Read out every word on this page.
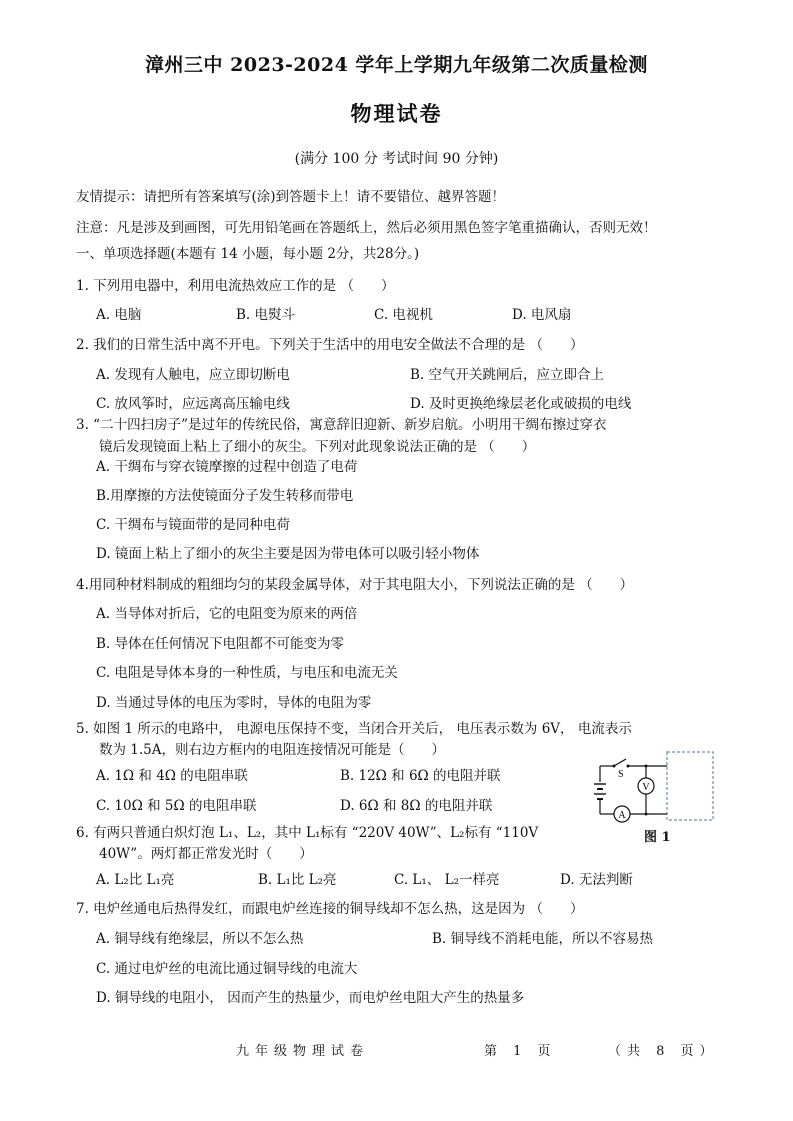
漳州三中 2023-2024 学年上学期九年级第二次质量检测
物理试卷
(满分 100 分 考试时间 90 分钟)
友情提示：请把所有答案填写(涂)到答题卡上！请不要错位、越界答题！
注意：凡是涉及到画图，可先用铅笔画在答题纸上，然后必须用黑色签字笔重描确认，否则无效！
一、单项选择题(本题有 14 小题，每小题 2分，共28分。)
1. 下列用电器中，利用电流热效应工作的是 （　　）
A. 电脑	B. 电熨斗	C. 电视机	D. 电风扇
2. 我们的日常生活中离不开电。下列关于生活中的用电安全做法不合理的是 （　　）
A. 发现有人触电，应立即切断电	B. 空气开关跳闸后，应立即合上
C. 放风筝时，应远离高压输电线	D. 及时更换绝缘层老化或破损的电线
3. “二十四扫房子”是过年的传统民俗，寓意辞旧迎新、新岁启航。小明用干绸布擦过穿衣
镜后发现镜面上粘上了细小的灰尘。下列对此现象说法正确的是 （　　）
A. 干绸布与穿衣镜摩擦的过程中创造了电荷
B.用摩擦的方法使镜面分子发生转移而带电
C. 干绸布与镜面带的是同种电荷
D. 镜面上粘上了细小的灰尘主要是因为带电体可以吸引轻小物体
4.用同种材料制成的粗细均匀的某段金属导体，对于其电阻大小，下列说法正确的是 （　　）
A. 当导体对折后，它的电阻变为原来的两倍
B. 导体在任何情况下电阻都不可能变为零
C. 电阻是导体本身的一种性质，与电压和电流无关
D. 当通过导体的电压为零时，导体的电阻为零
5. 如图 1 所示的电路中， 电源电压保持不变，当闭合开关后， 电压表示数为 6V， 电流表示
数为 1.5A，则右边方框内的电阻连接情况可能是（　　）
A. 1Ω 和 4Ω 的电阻串联	B. 12Ω 和 6Ω 的电阻并联
C. 10Ω 和 5Ω 的电阻串联	D. 6Ω 和 8Ω 的电阻并联
S
A
V
图 1
6. 有两只普通白炽灯泡 L₁、L₂，其中 L₁标有 “220V 40W”、L₂标有 “110V
40W”。两灯都正常发光时（　　）
A. L₂比 L₁亮	B. L₁比 L₂亮	C. L₁、 L₂一样亮	D. 无法判断
7. 电炉丝通电后热得发红，而跟电炉丝连接的铜导线却不怎么热，这是因为 （　　）
A. 铜导线有绝缘层，所以不怎么热	B. 铜导线不消耗电能，所以不容易热
C. 通过电炉丝的电流比通过铜导线的电流大
D. 铜导线的电阻小， 因而产生的热量少，而电炉丝电阻大产生的热量多
九年级物理试卷	第 1 页	（共 8 页）
